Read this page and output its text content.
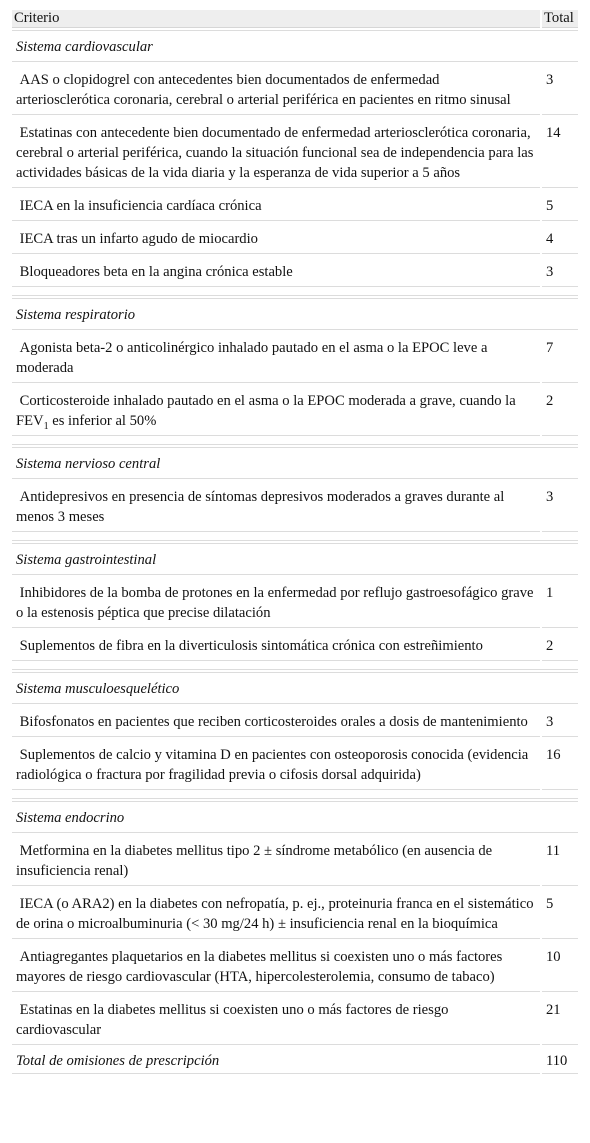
Criterio	Total
Sistema cardiovascular	
AAS o clopidogrel con antecedentes bien documentados de enfermedad arteriosclerótica coronaria, cerebral o arterial periférica en pacientes en ritmo sinusal	3
Estatinas con antecedente bien documentado de enfermedad arteriosclerótica coronaria, cerebral o arterial periférica, cuando la situación funcional sea de independencia para las actividades básicas de la vida diaria y la esperanza de vida superior a 5 años	14
IECA en la insuficiencia cardíaca crónica	5
IECA tras un infarto agudo de miocardio	4
Bloqueadores beta en la angina crónica estable	3

Sistema respiratorio	
Agonista beta-2 o anticolinérgico inhalado pautado en el asma o la EPOC leve a moderada	7
Corticosteroide inhalado pautado en el asma o la EPOC moderada a grave, cuando la $FEV_1$ es inferior al 50%	2

Sistema nervioso central	
Antidepresivos en presencia de síntomas depresivos moderados a graves durante al menos 3 meses	3

Sistema gastrointestinal	
Inhibidores de la bomba de protones en la enfermedad por reflujo gastroesofágico grave o la estenosis péptica que precise dilatación	1
Suplementos de fibra en la diverticulosis sintomática crónica con estreñimiento	2

Sistema musculoesquelético	
Bifosfonatos en pacientes que reciben corticosteroides orales a dosis de mantenimiento	3
Suplementos de calcio y vitamina D en pacientes con osteoporosis conocida (evidencia radiológica o fractura por fragilidad previa o cifosis dorsal adquirida)	16

Sistema endocrino	
Metformina en la diabetes mellitus tipo 2 ± síndrome metabólico (en ausencia de insuficiencia renal)	11
IECA (o ARA2) en la diabetes con nefropatía, p. ej., proteinuria franca en el sistemático de orina o microalbuminuria (< 30 mg/24 h) ± insuficiencia renal en la bioquímica	5
Antiagregantes plaquetarios en la diabetes mellitus si coexisten uno o más factores mayores de riesgo cardiovascular (HTA, hipercolesterolemia, consumo de tabaco)	10
Estatinas en la diabetes mellitus si coexisten uno o más factores de riesgo cardiovascular	21
Total de omisiones de prescripción	110
